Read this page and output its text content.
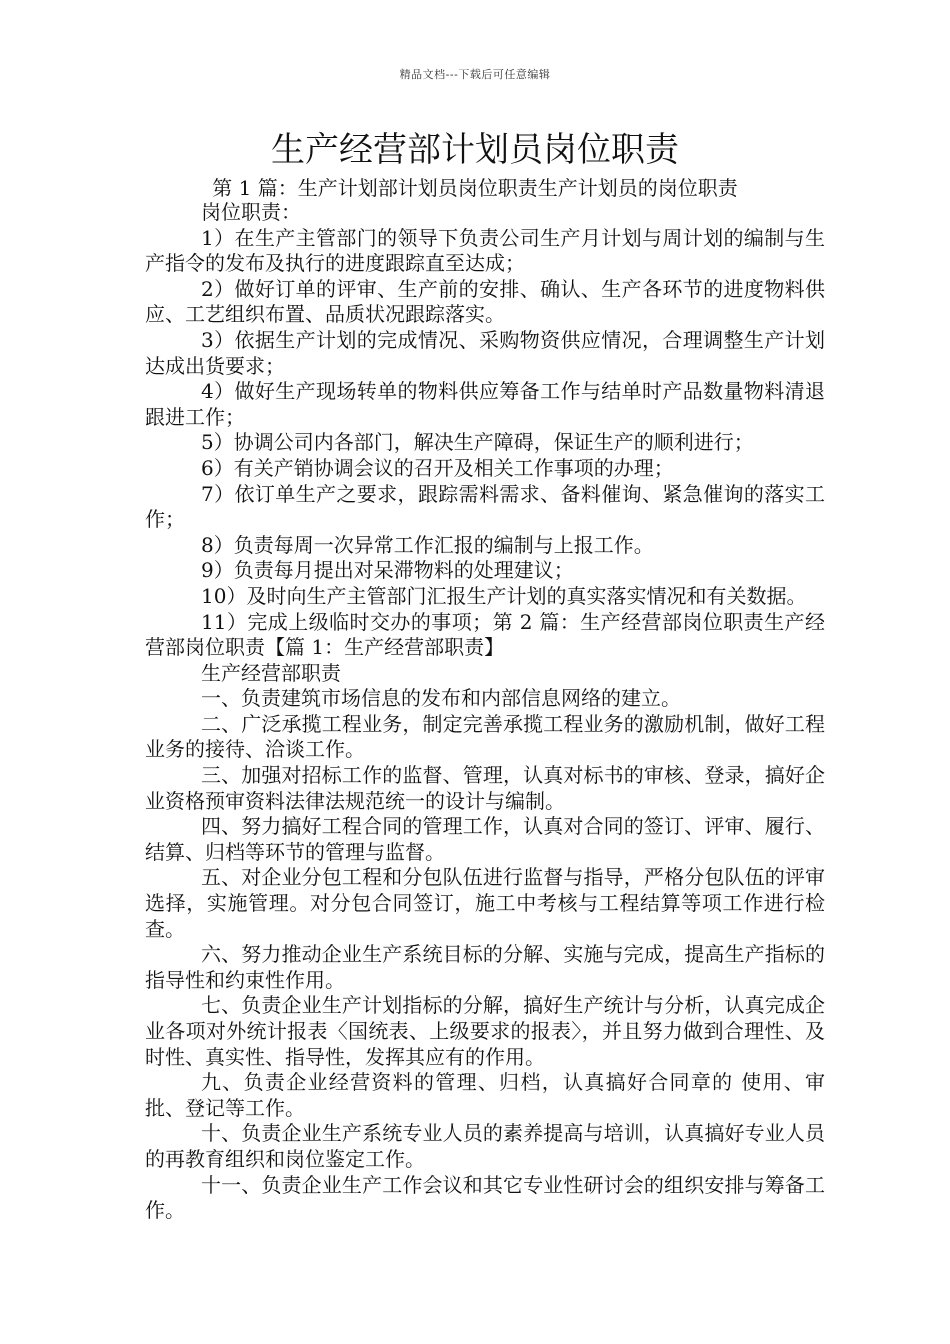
精品文档---下载后可任意编辑
生产经营部计划员岗位职责

第 1 篇：生产计划部计划员岗位职责生产计划员的岗位职责

岗位职责：

1）在生产主管部门的领导下负责公司生产月计划与周计划的编制与生产指令的发布及执行的进度跟踪直至达成；

2）做好订单的评审、生产前的安排、确认、生产各环节的进度物料供应、工艺组织布置、品质状况跟踪落实。

3）依据生产计划的完成情况、采购物资供应情况，合理调整生产计划达成出货要求；

4）做好生产现场转单的物料供应筹备工作与结单时产品数量物料清退跟进工作；

5）协调公司内各部门，解决生产障碍，保证生产的顺利进行；

6）有关产销协调会议的召开及相关工作事项的办理；

7）依订单生产之要求，跟踪需料需求、备料催询、紧急催询的落实工作；

8）负责每周一次异常工作汇报的编制与上报工作。

9）负责每月提出对呆滞物料的处理建议；

10）及时向生产主管部门汇报生产计划的真实落实情况和有关数据。

11）完成上级临时交办的事项；第 2 篇：生产经营部岗位职责生产经营部岗位职责【篇 1：生产经营部职责】

生产经营部职责

一、负责建筑市场信息的发布和内部信息网络的建立。

二、广泛承揽工程业务，制定完善承揽工程业务的激励机制，做好工程业务的接待、洽谈工作。

三、加强对招标工作的监督、管理，认真对标书的审核、登录，搞好企业资格预审资料法律法规范统一的设计与编制。

四、努力搞好工程合同的管理工作，认真对合同的签订、评审、履行、结算、归档等环节的管理与监督。

五、对企业分包工程和分包队伍进行监督与指导，严格分包队伍的评审选择，实施管理。对分包合同签订，施工中考核与工程结算等项工作进行检查。

六、努力推动企业生产系统目标的分解、实施与完成，提高生产指标的指导性和约束性作用。

七、负责企业生产计划指标的分解，搞好生产统计与分析，认真完成企业各项对外统计报表〈国统表、上级要求的报表〉，并且努力做到合理性、及时性、真实性、指导性，发挥其应有的作用。

九、负责企业经营资料的管理、归档，认真搞好合同章的 使用、审批、登记等工作。

十、负责企业生产系统专业人员的素养提高与培训，认真搞好专业人员的再教育组织和岗位鉴定工作。

十一、负责企业生产工作会议和其它专业性研讨会的组织安排与筹备工作。
